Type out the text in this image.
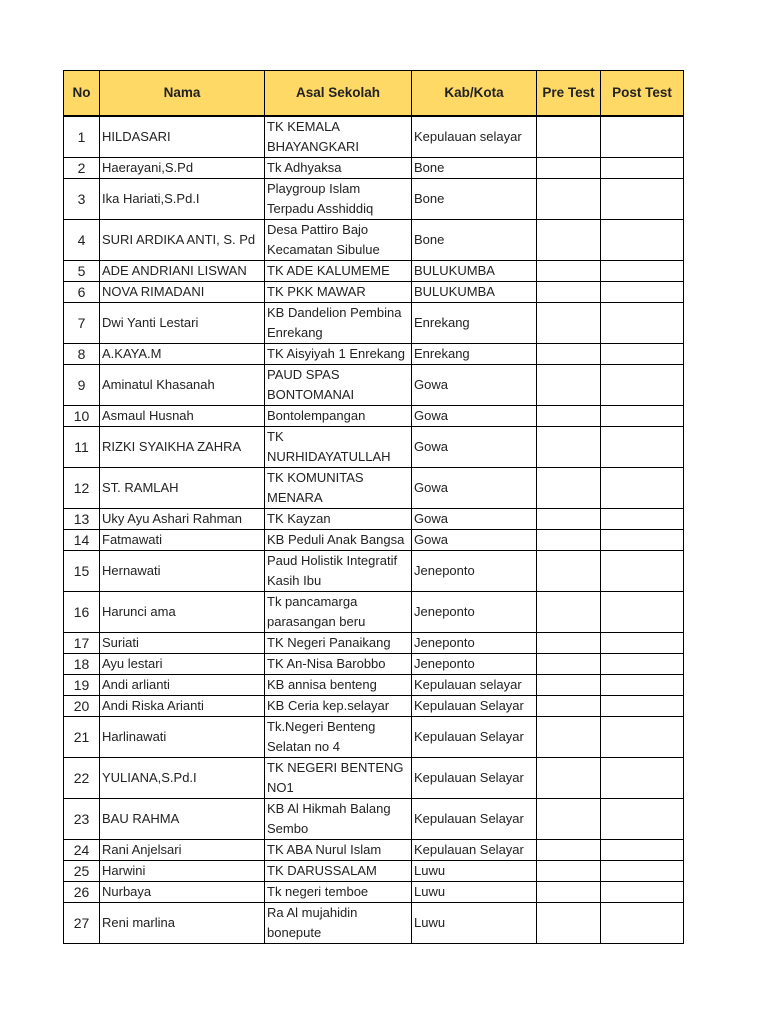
No	Nama	Asal Sekolah	Kab/Kota	Pre Test	Post Test
1	HILDASARI	TK KEMALA BHAYANGKARI	Kepulauan selayar		
2	Haerayani,S.Pd	Tk Adhyaksa	Bone		
3	Ika Hariati,S.Pd.I	Playgroup Islam Terpadu Asshiddiq	Bone		
4	SURI ARDIKA ANTI, S. Pd	Desa Pattiro Bajo Kecamatan Sibulue	Bone		
5	ADE ANDRIANI LISWAN	TK ADE KALUMEME	BULUKUMBA		
6	NOVA RIMADANI	TK PKK MAWAR	BULUKUMBA		
7	Dwi Yanti Lestari	KB Dandelion Pembina Enrekang	Enrekang		
8	A.KAYA.M	TK Aisyiyah 1 Enrekang	Enrekang		
9	Aminatul Khasanah	PAUD SPAS BONTOMANAI	Gowa		
10	Asmaul Husnah	Bontolempangan	Gowa		
11	RIZKI SYAIKHA ZAHRA	TK NURHIDAYATULLAH	Gowa		
12	ST. RAMLAH	TK KOMUNITAS MENARA	Gowa		
13	Uky Ayu Ashari Rahman	TK Kayzan	Gowa		
14	Fatmawati	KB Peduli Anak Bangsa	Gowa		
15	Hernawati	Paud Holistik Integratif Kasih Ibu	Jeneponto		
16	Harunci ama	Tk pancamarga parasangan beru	Jeneponto		
17	Suriati	TK Negeri Panaikang	Jeneponto		
18	Ayu lestari	TK An-Nisa Barobbo	Jeneponto		
19	Andi arlianti	KB annisa benteng	Kepulauan selayar		
20	Andi Riska Arianti	KB Ceria kep.selayar	Kepulauan Selayar		
21	Harlinawati	Tk.Negeri Benteng Selatan no 4	Kepulauan Selayar		
22	YULIANA,S.Pd.I	TK NEGERI BENTENG NO1	Kepulauan Selayar		
23	BAU RAHMA	KB Al Hikmah Balang Sembo	Kepulauan Selayar		
24	Rani Anjelsari	TK ABA Nurul Islam	Kepulauan Selayar		
25	Harwini	TK DARUSSALAM	Luwu		
26	Nurbaya	Tk negeri temboe	Luwu		
27	Reni marlina	Ra Al mujahidin bonepute	Luwu		
